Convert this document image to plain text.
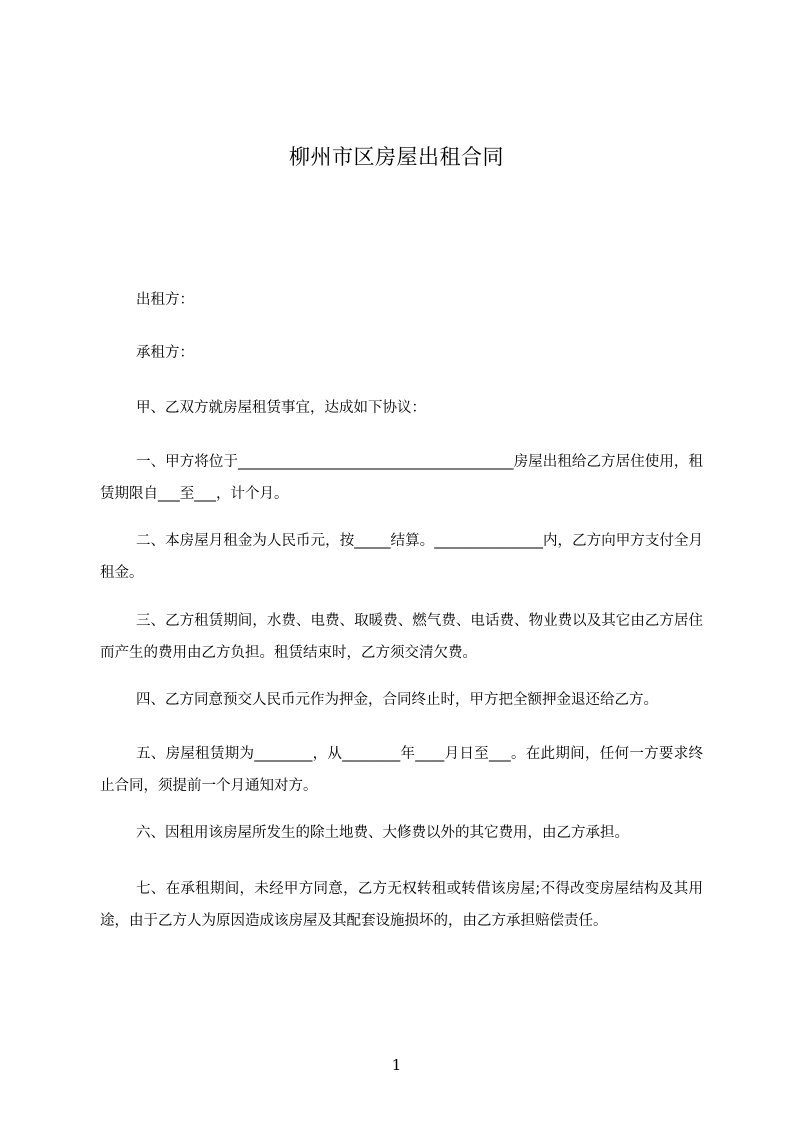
柳州市区房屋出租合同

出租方：

承租方：

甲、乙双方就房屋租赁事宜，达成如下协议：

一、甲方将位于______________________________________房屋出租给乙方居住使用，租赁期限自___至___，计个月。

二、本房屋月租金为人民币元，按_____结算。_______________内，乙方向甲方支付全月租金。

三、乙方租赁期间，水费、电费、取暖费、燃气费、电话费、物业费以及其它由乙方居住而产生的费用由乙方负担。租赁结束时，乙方须交清欠费。

四、乙方同意预交人民币元作为押金，合同终止时，甲方把全额押金退还给乙方。

五、房屋租赁期为________，从________年____月日至___。在此期间，任何一方要求终止合同，须提前一个月通知对方。

六、因租用该房屋所发生的除土地费、大修费以外的其它费用，由乙方承担。

七、在承租期间，未经甲方同意，乙方无权转租或转借该房屋;不得改变房屋结构及其用途，由于乙方人为原因造成该房屋及其配套设施损坏的，由乙方承担赔偿责任。

1
